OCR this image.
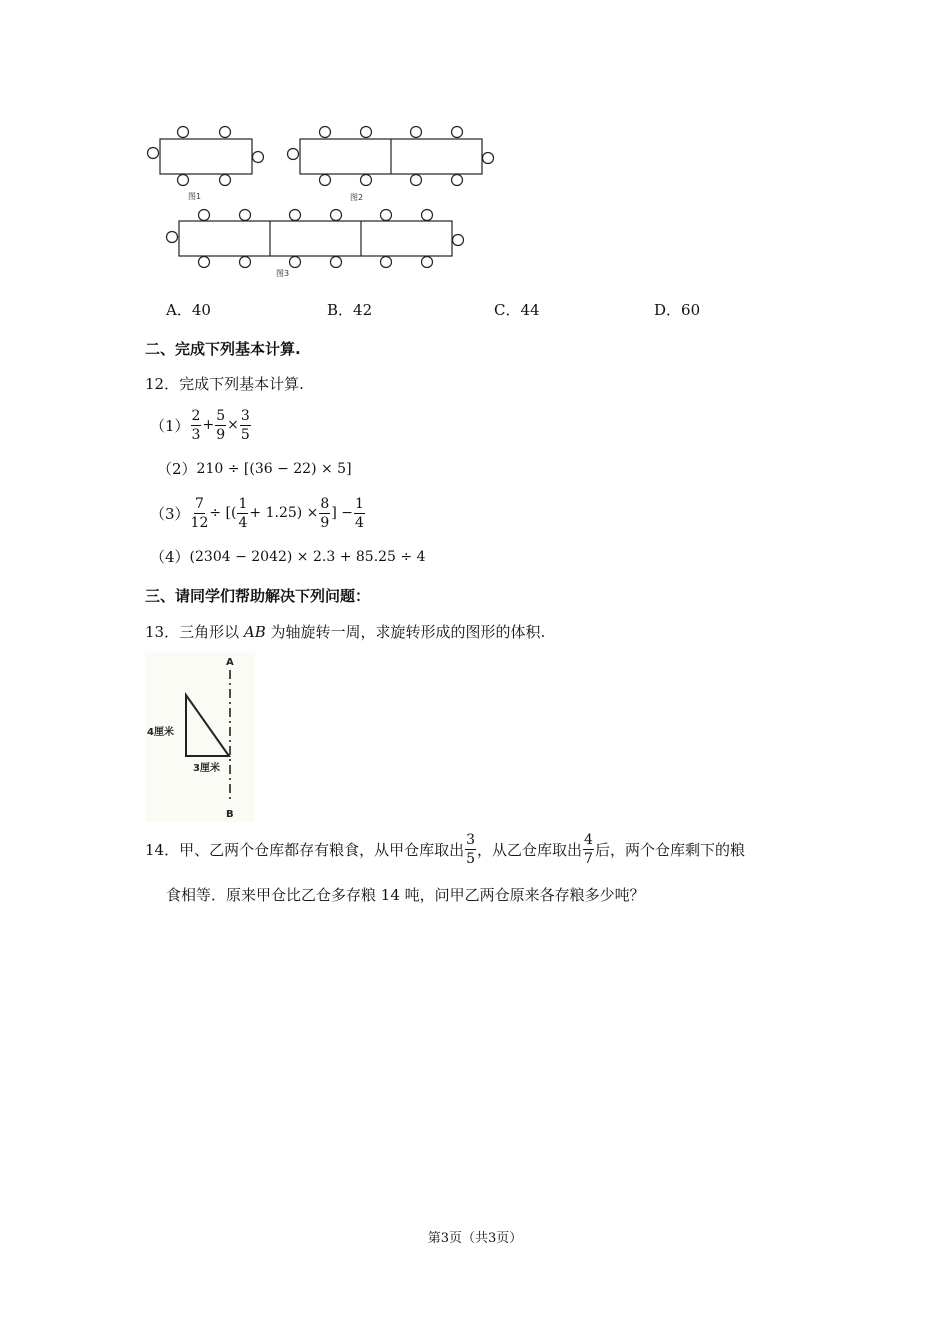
图1	图2
图3
A．40	B．42	C．44	D．60
二、完成下列基本计算.
12．完成下列基本计算.
$(1) \frac{2}{3} + \frac{5}{9} \times \frac{3}{5}$
（2） 210 ÷ [(36 − 22) × 5]
$(3) \frac{7}{12}$ ÷ [( $\frac{1}{4} + 1.25) \times \frac{8}{9}$ ] − $\frac{1}{4}$
（4） (2304 − 2042) × 2.3 + 85.25 ÷ 4
三、请同学们帮助解决下列问题：
13．三角形以 AB 为轴旋转一周，求旋转形成的图形的体积.
A
B
4厘米
3厘米
14．甲、乙两个仓库都存有粮食，从甲仓库取出 $\frac{3}{5}$ ，从乙仓库取出 $\frac{4}{7}$ 后，两个仓库剩下的粮
食相等．原来甲仓比乙仓多存粮 14 吨，问甲乙两仓原来各存粮多少吨？
第3页（共3页）
